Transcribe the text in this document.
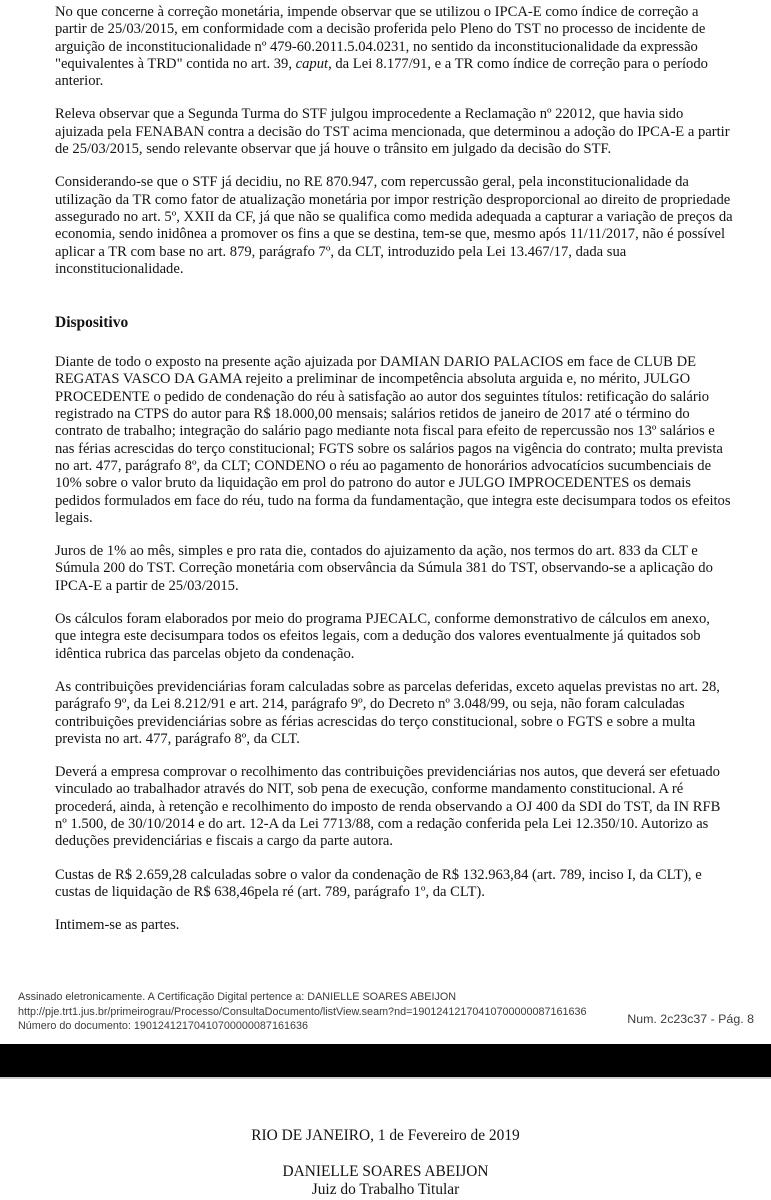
No que concerne à correção monetária, impende observar que se utilizou o IPCA-E como índice de correção a partir de 25/03/2015, em conformidade com a decisão proferida pelo Pleno do TST no processo de incidente de arguição de inconstitucionalidade nº 479-60.2011.5.04.0231, no sentido da inconstitucionalidade da expressão "equivalentes à TRD" contida no art. 39, caput, da Lei 8.177/91, e a TR como índice de correção para o período anterior.

Releva observar que a Segunda Turma do STF julgou improcedente a Reclamação nº 22012, que havia sido ajuizada pela FENABAN contra a decisão do TST acima mencionada, que determinou a adoção do IPCA-E a partir de 25/03/2015, sendo relevante observar que já houve o trânsito em julgado da decisão do STF.

Considerando-se que o STF já decidiu, no RE 870.947, com repercussão geral, pela inconstitucionalidade da utilização da TR como fator de atualização monetária por impor restrição desproporcional ao direito de propriedade assegurado no art. 5º, XXII da CF, já que não se qualifica como medida adequada a capturar a variação de preços da economia, sendo inidônea a promover os fins a que se destina, tem-se que, mesmo após 11/11/2017, não é possível aplicar a TR com base no art. 879, parágrafo 7º, da CLT, introduzido pela Lei 13.467/17, dada sua inconstitucionalidade.

Dispositivo

Diante de todo o exposto na presente ação ajuizada por DAMIAN DARIO PALACIOS em face de CLUB DE REGATAS VASCO DA GAMA rejeito a preliminar de incompetência absoluta arguida e, no mérito, JULGO PROCEDENTE o pedido de condenação do réu à satisfação ao autor dos seguintes títulos: retificação do salário registrado na CTPS do autor para R$ 18.000,00 mensais; salários retidos de janeiro de 2017 até o término do contrato de trabalho; integração do salário pago mediante nota fiscal para efeito de repercussão nos 13º salários e nas férias acrescidas do terço constitucional; FGTS sobre os salários pagos na vigência do contrato; multa prevista no art. 477, parágrafo 8º, da CLT; CONDENO o réu ao pagamento de honorários advocatícios sucumbenciais de 10% sobre o valor bruto da liquidação em prol do patrono do autor e JULGO IMPROCEDENTES os demais pedidos formulados em face do réu, tudo na forma da fundamentação, que integra este decisumpara todos os efeitos legais.

Juros de 1% ao mês, simples e pro rata die, contados do ajuizamento da ação, nos termos do art. 833 da CLT e Súmula 200 do TST. Correção monetária com observância da Súmula 381 do TST, observando-se a aplicação do IPCA-E a partir de 25/03/2015.

Os cálculos foram elaborados por meio do programa PJECALC, conforme demonstrativo de cálculos em anexo, que integra este decisumpara todos os efeitos legais, com a dedução dos valores eventualmente já quitados sob idêntica rubrica das parcelas objeto da condenação.

As contribuições previdenciárias foram calculadas sobre as parcelas deferidas, exceto aquelas previstas no art. 28, parágrafo 9º, da Lei 8.212/91 e art. 214, parágrafo 9º, do Decreto nº 3.048/99, ou seja, não foram calculadas contribuições previdenciárias sobre as férias acrescidas do terço constitucional, sobre o FGTS e sobre a multa prevista no art. 477, parágrafo 8º, da CLT.

Deverá a empresa comprovar o recolhimento das contribuições previdenciárias nos autos, que deverá ser efetuado vinculado ao trabalhador através do NIT, sob pena de execução, conforme mandamento constitucional. A ré procederá, ainda, à retenção e recolhimento do imposto de renda observando a OJ 400 da SDI do TST, da IN RFB nº 1.500, de 30/10/2014 e do art. 12-A da Lei 7713/88, com a redação conferida pela Lei 12.350/10. Autorizo as deduções previdenciárias e fiscais a cargo da parte autora.

Custas de R$ 2.659,28 calculadas sobre o valor da condenação de R$ 132.963,84 (art. 789, inciso I, da CLT), e custas de liquidação de R$ 638,46pela ré (art. 789, parágrafo 1º, da CLT).

Intimem-se as partes.

Assinado eletronicamente. A Certificação Digital pertence a: DANIELLE SOARES ABEIJON
http://pje.trt1.jus.br/primeirograu/Processo/ConsultaDocumento/listView.seam?nd=19012412170410700000087161636
Número do documento: 19012412170410700000087161636
Num. 2c23c37 - Pág. 8
RIO DE JANEIRO, 1 de Fevereiro de 2019
DANIELLE SOARES ABEIJON
Juiz do Trabalho Titular
